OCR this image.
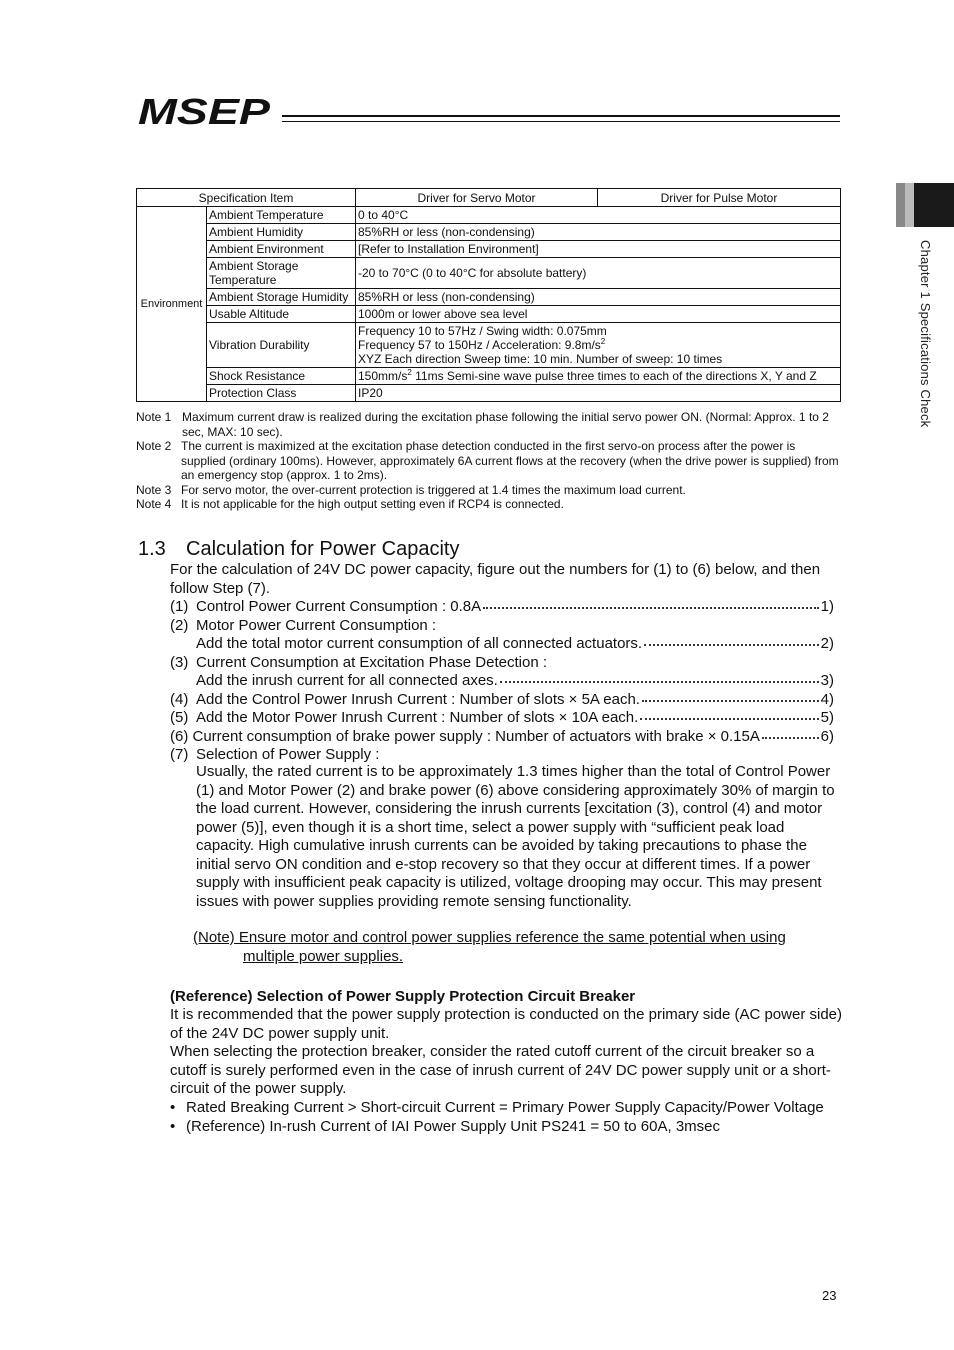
MSEP
Chapter 1 Specifications Check
Specification Item		Driver for Servo Motor	Driver for Pulse Motor
Environment	Ambient Temperature	0 to 40°C	
	Ambient Humidity	85%RH or less (non-condensing)	
	Ambient Environment	[Refer to Installation Environment]	
	Ambient Storage Temperature	-20 to 70°C (0 to 40°C for absolute battery)	
	Ambient Storage Humidity	85%RH or less (non-condensing)	
	Usable Altitude	1000m or lower above sea level	
	Vibration Durability	Frequency 10 to 57Hz / Swing width: 0.075mm
Frequency 57 to 150Hz / Acceleration: $9.8m/s^2$
XYZ Each direction Sweep time: 10 min. Number of sweep: 10 times	

	Shock Resistance	$150mm/s^2$ 11ms Semi-sine wave pulse three times to each of the directions X, Y and Z	
	Protection Class	IP20	
Note 1 Maximum current draw is realized during the excitation phase following the initial servo power ON. (Normal: Approx. 1 to 2 sec, MAX: 10 sec).
Note 2 The current is maximized at the excitation phase detection conducted in the first servo-on process after the power is supplied (ordinary 100ms). However, approximately 6A current flows at the recovery (when the drive power is supplied) from an emergency stop (approx. 1 to 2ms).
Note 3 For servo motor, the over-current protection is triggered at 1.4 times the maximum load current.
Note 4 It is not applicable for the high output setting even if RCP4 is connected.
1.3 Calculation for Power Capacity
For the calculation of 24V DC power capacity, figure out the numbers for (1) to (6) below, and then follow Step (7).
(1) Control Power Current Consumption : 0.8A	1)
(2) Motor Power Current Consumption :
Add the total motor current consumption of all connected actuators.	2)
(3) Current Consumption at Excitation Phase Detection :
Add the inrush current for all connected axes.	3)
(4) Add the Control Power Inrush Current : Number of slots × 5A each.	4)
(5) Add the Motor Power Inrush Current : Number of slots × 10A each.	5)
(6) Current consumption of brake power supply : Number of actuators with brake × 0.15A	6)
(7) Selection of Power Supply :
Usually, the rated current is to be approximately 1.3 times higher than the total of Control Power (1) and Motor Power (2) and brake power (6) above considering approximately 30% of margin to the load current. However, considering the inrush currents [excitation (3), control (4) and motor power (5)], even though it is a short time, select a power supply with “sufficient peak load capacity. High cumulative inrush currents can be avoided by taking precautions to phase the initial servo ON condition and e-stop recovery so that they occur at different times. If a power supply with insufficient peak capacity is utilized, voltage drooping may occur. This may present issues with power supplies providing remote sensing functionality.
(Note) Ensure motor and control power supplies reference the same potential when using
multiple power supplies.
(Reference) Selection of Power Supply Protection Circuit Breaker
It is recommended that the power supply protection is conducted on the primary side (AC power side) of the 24V DC power supply unit.
When selecting the protection breaker, consider the rated cutoff current of the circuit breaker so a cutoff is surely performed even in the case of inrush current of 24V DC power supply unit or a short-circuit of the power supply.
• Rated Breaking Current > Short-circuit Current = Primary Power Supply Capacity/Power Voltage
• (Reference) In-rush Current of IAI Power Supply Unit PS241 = 50 to 60A, 3msec
23
